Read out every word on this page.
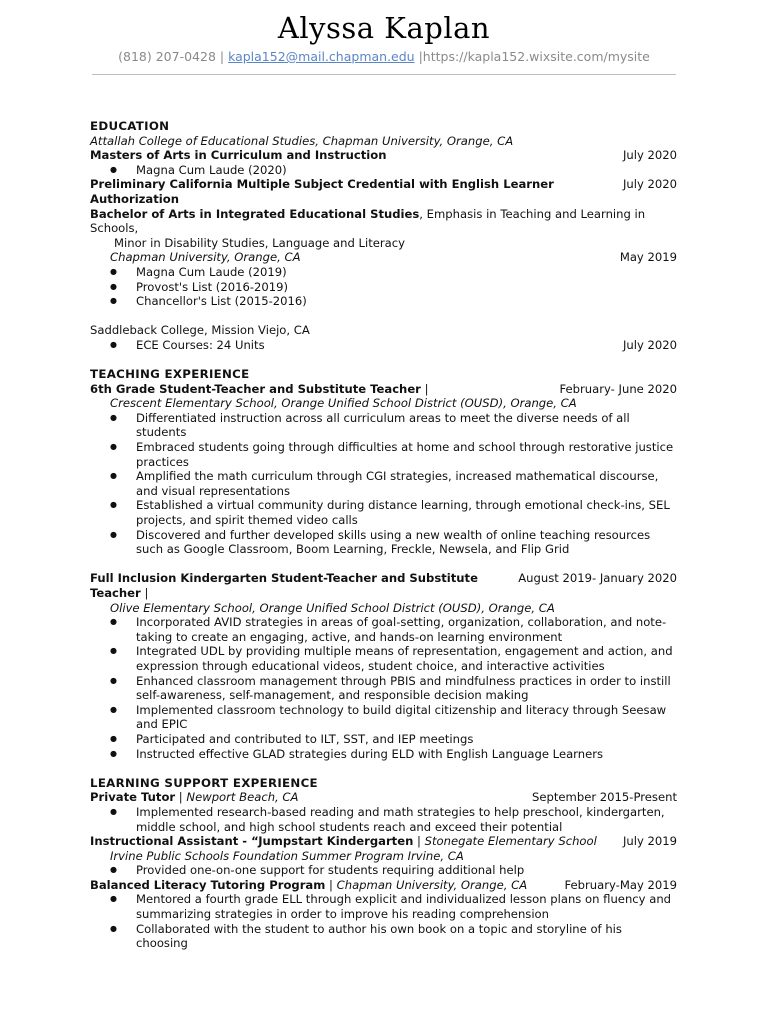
Alyssa Kaplan
(818) 207-0428 | kapla152@mail.chapman.edu |https://kapla152.wixsite.com/mysite
EDUCATION
Attallah College of Educational Studies, Chapman University, Orange, CA
Masters of Arts in Curriculum and Instruction	July 2020
● Magna Cum Laude (2020)
Preliminary California Multiple Subject Credential with English Learner Authorization
July 2020
Bachelor of Arts in Integrated Educational Studies, Emphasis in Teaching and Learning in Schools,
Minor in Disability Studies, Language and Literacy
Chapman University, Orange, CA	May 2019
● Magna Cum Laude (2019)
● Provost's List (2016-2019)
● Chancellor's List (2015-2016)
Saddleback College, Mission Viejo, CA
● ECE Courses: 24 Units	July 2020
TEACHING EXPERIENCE
6th Grade Student-Teacher and Substitute Teacher |	February- June 2020
Crescent Elementary School, Orange Unified School District (OUSD), Orange, CA
● Differentiated instruction across all curriculum areas to meet the diverse needs of all students
● Embraced students going through difficulties at home and school through restorative justice practices
● Amplified the math curriculum through CGI strategies, increased mathematical discourse, and visual representations
● Established a virtual community during distance learning, through emotional check-ins, SEL projects, and spirit themed video calls
● Discovered and further developed skills using a new wealth of online teaching resources such as Google Classroom, Boom Learning, Freckle, Newsela, and Flip Grid
Full Inclusion Kindergarten Student-Teacher and Substitute Teacher |
August 2019- January 2020
Olive Elementary School, Orange Unified School District (OUSD), Orange, CA
● Incorporated AVID strategies in areas of goal-setting, organization, collaboration, and note-taking to create an engaging, active, and hands-on learning environment
● Integrated UDL by providing multiple means of representation, engagement and action, and expression through educational videos, student choice, and interactive activities
● Enhanced classroom management through PBIS and mindfulness practices in order to instill self-awareness, self-management, and responsible decision making
● Implemented classroom technology to build digital citizenship and literacy through Seesaw and EPIC
● Participated and contributed to ILT, SST, and IEP meetings
● Instructed effective GLAD strategies during ELD with English Language Learners
LEARNING SUPPORT EXPERIENCE
Private Tutor | Newport Beach, CA	September 2015-Present
● Implemented research-based reading and math strategies to help preschool, kindergarten, middle school, and high school students reach and exceed their potential
Instructional Assistant - “Jumpstart Kindergarten | Stonegate Elementary School	July 2019
Irvine Public Schools Foundation Summer Program Irvine, CA
● Provided one-on-one support for students requiring additional help
Balanced Literacy Tutoring Program | Chapman University, Orange, CA	February-May 2019
● Mentored a fourth grade ELL through explicit and individualized lesson plans on fluency and summarizing strategies in order to improve his reading comprehension
● Collaborated with the student to author his own book on a topic and storyline of his choosing
